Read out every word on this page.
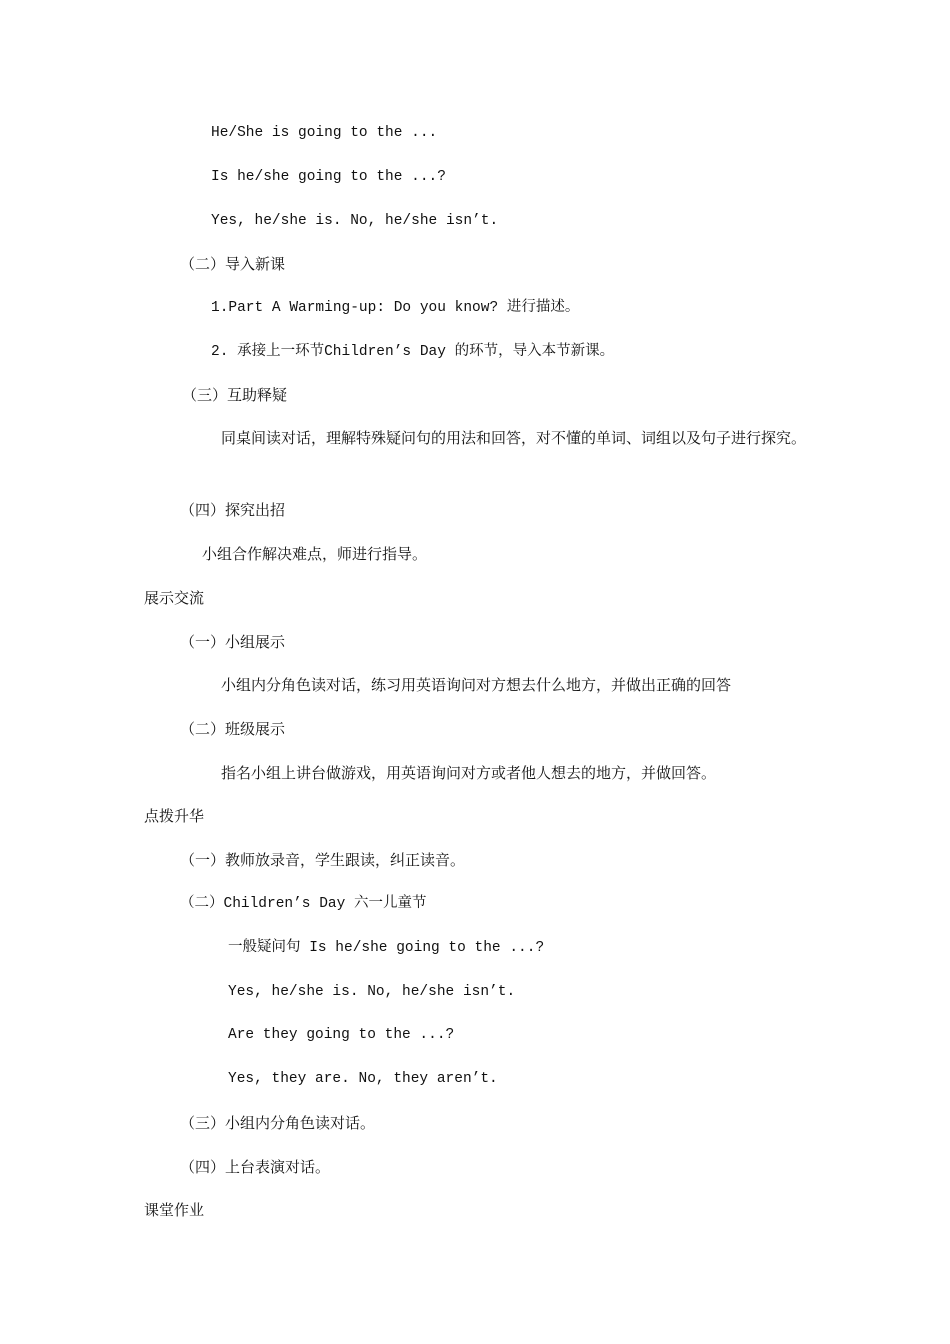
He/She is going to the ...
Is he/she going to the ...?
Yes, he/she is. No, he/she isn’t.
（二）导入新课
1.Part A Warming-up: Do you know? 进行描述。
2. 承接上一环节Children’s Day 的环节，导入本节新课。
（三）互助释疑
同桌间读对话，理解特殊疑问句的用法和回答，对不懂的单词、词组以及句子进行探究。
（四）探究出招
小组合作解决难点，师进行指导。
展示交流
（一）小组展示
小组内分角色读对话，练习用英语询问对方想去什么地方，并做出正确的回答
（二）班级展示
指名小组上讲台做游戏，用英语询问对方或者他人想去的地方，并做回答。
点拨升华
（一）教师放录音，学生跟读，纠正读音。
（二）Children’s Day 六一儿童节
一般疑问句 Is he/she going to the ...?
Yes, he/she is. No, he/she isn’t.
Are they going to the ...?
Yes, they are. No, they aren’t.
（三）小组内分角色读对话。
（四）上台表演对话。
课堂作业
